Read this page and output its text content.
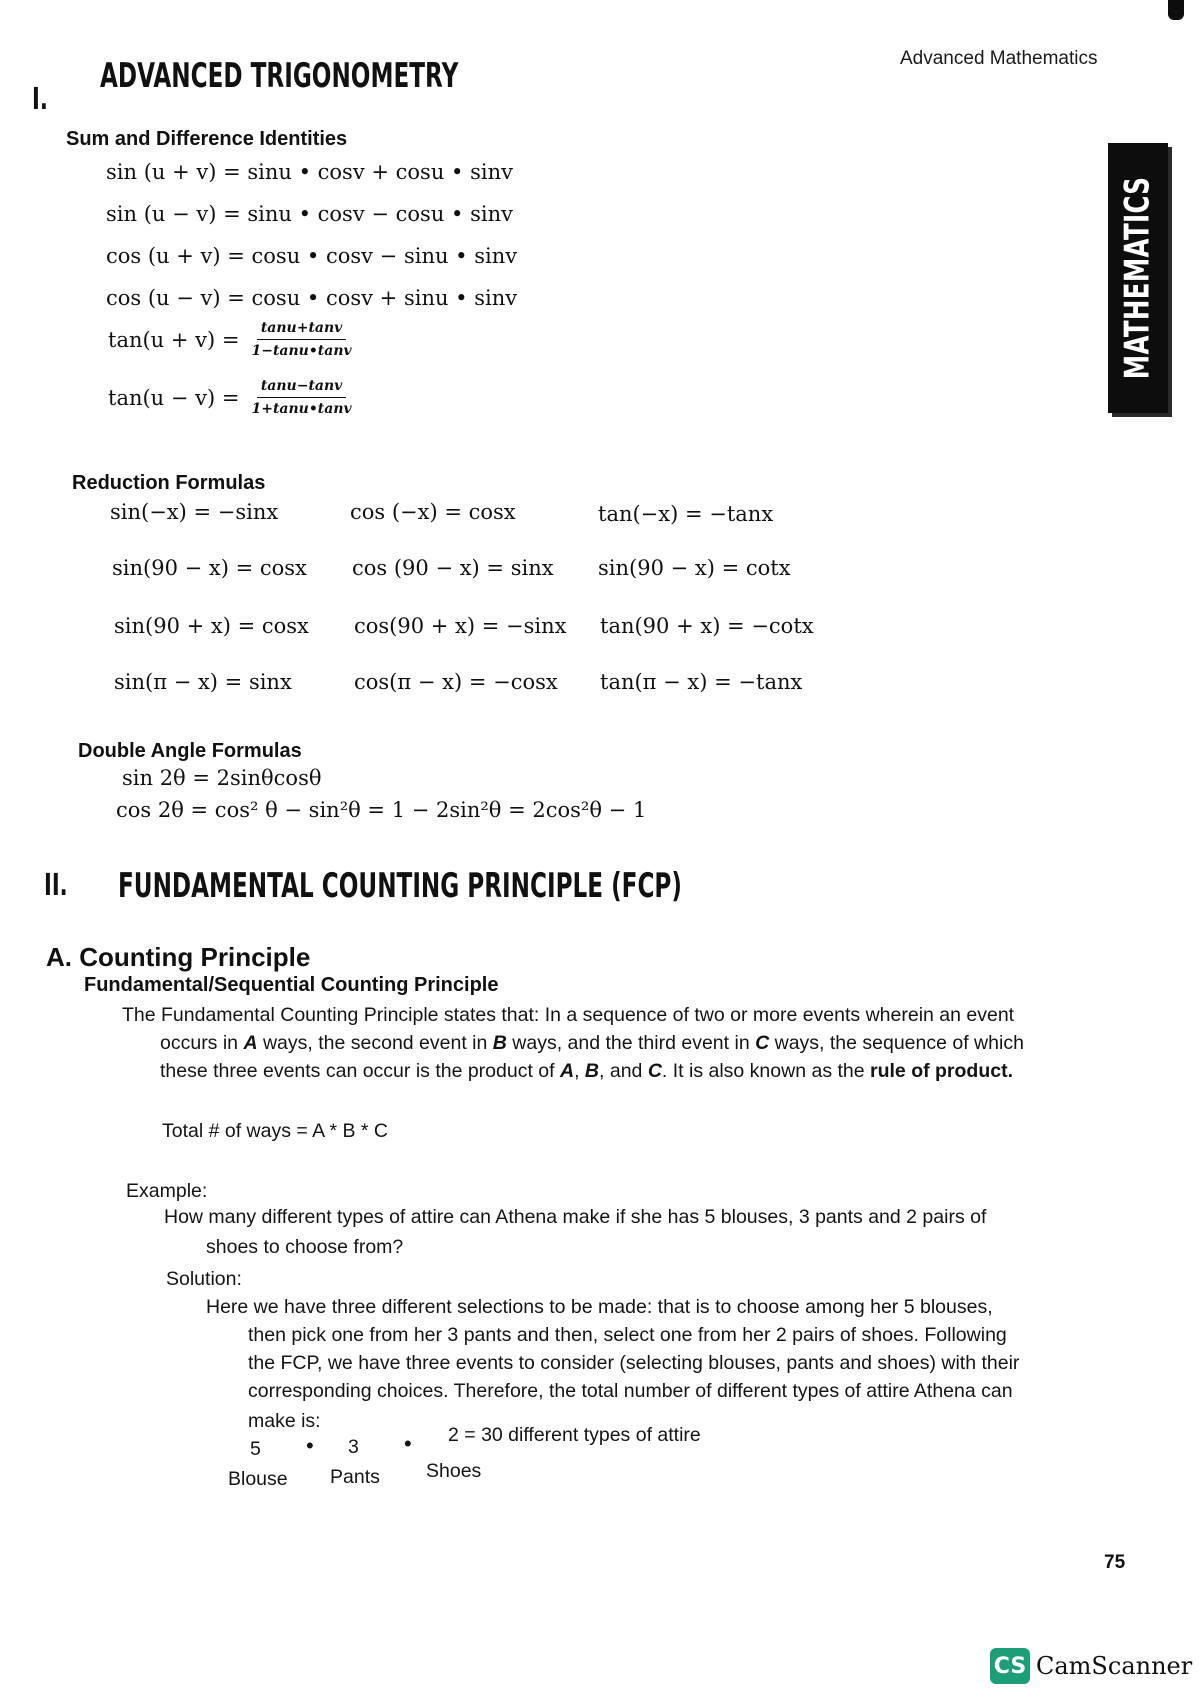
MATHEMATICS
Advanced Mathematics
I.
ADVANCED TRIGONOMETRY
Sum and Difference Identities
sin (u + v) = sinu • cosv + cosu • sinv
sin (u − v) = sinu • cosv − cosu • sinv
cos (u + v) = cosu • cosv − sinu • sinv
cos (u − v) = cosu • cosv + sinu • sinv
$\tan(u + v) = \frac{\tan u+\tan v}{1-\tan u•\tan v}$
$\tan(u - v) = \frac{\tan u-\tan v}{1+\tan u•\tan v}$
Reduction Formulas
sin(−x) = −sinx	cos (−x) = cosx	tan(−x) = −tanx
sin(90 − x) = cosx cos (90 − x) = sinx sin(90 − x) = cotx
sin(90 + x) = cosx cos(90 + x) = −sinx tan(90 + x) = −cotx
sin(π − x) = sinx	cos(π − x) = −cosx tan(π − x) = −tanx
Double Angle Formulas
sin 2θ = 2sinθcosθ
cos 2θ = cos² θ − sin²θ = 1 − 2sin²θ = 2cos²θ − 1
II. FUNDAMENTAL COUNTING PRINCIPLE (FCP)
A. Counting Principle
Fundamental/Sequential Counting Principle
The Fundamental Counting Principle states that: In a sequence of two or more events wherein an event
occurs in A ways, the second event in B ways, and the third event in C ways, the sequence of which
these three events can occur is the product of A, B, and C. It is also known as the rule of product.
Total # of ways = A * B * C
Example:
How many different types of attire can Athena make if she has 5 blouses, 3 pants and 2 pairs of
shoes to choose from?
Solution:
Here we have three different selections to be made: that is to choose among her 5 blouses,
then pick one from her 3 pants and then, select one from her 2 pairs of shoes. Following
the FCP, we have three events to consider (selecting blouses, pants and shoes) with their
corresponding choices. Therefore, the total number of different types of attire Athena can
make is:
5 • 3 • 2 = 30 different types of attire
Blouse Pants Shoes
75
CS CamScanner
